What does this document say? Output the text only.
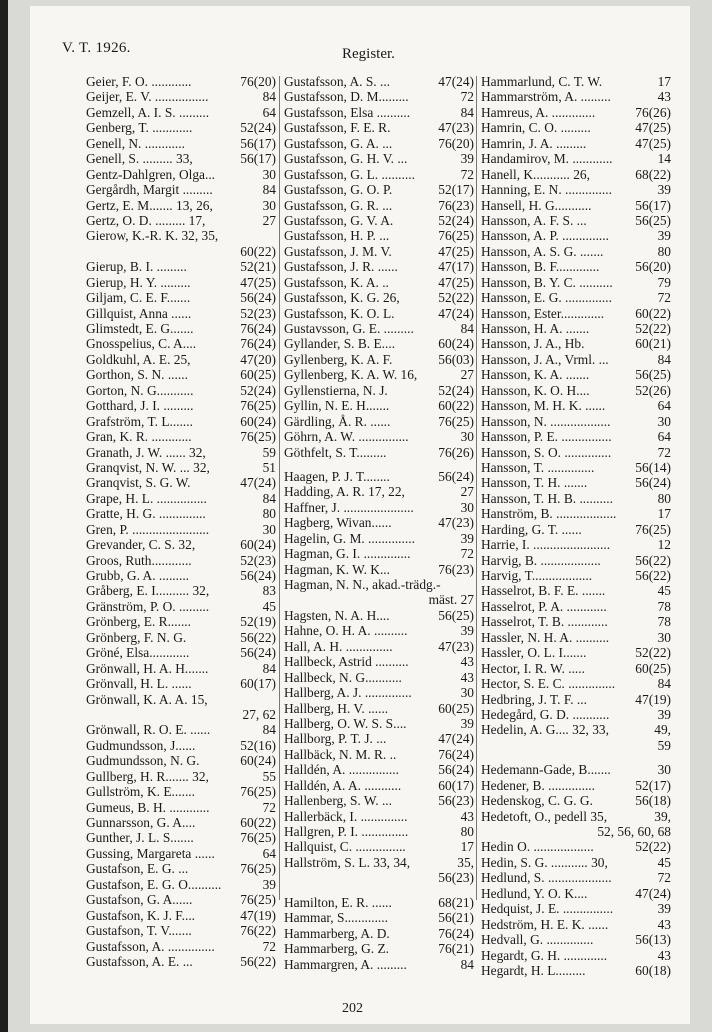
V. T. 1926.	Register.
Geier, F. O. ............	76(20)
Geijer, E. V. ................	84
Gemzell, A. I. S. .........	64
Genberg, T. ............	52(24)
Genell, N. ............	56(17)
Genell, S. ......... 33,	56(17)
Gentz-Dahlgren, Olga...	30
Gergårdh, Margit .........	84
Gertz, E. M....... 13, 26,	30
Gertz, O. D. ......... 17,	27
Gierow, K.-R. K. 32, 35,
60(22)
Gierup, B. I. .........	52(21)
Gierup, H. Y. .........	47(25)
Giljam, C. E. F.......	56(24)
Gillquist, Anna ......	52(23)
Glimstedt, E. G.......	76(24)
Gnosspelius, C. A....	76(24)
Goldkuhl, A. E. 25,	47(20)
Gorthon, S. N. ......	60(25)
Gorton, N. G...........	52(24)
Gotthard, J. I. .........	76(25)
Grafström, T. L.......	60(24)
Gran, K. R. ............	76(25)
Granath, J. W. ...... 32,	59
Granqvist, N. W. ... 32,	51
Granqvist, S. G. W.	47(24)
Grape, H. L. ...............	84
Gratte, H. G. ..............	80
Gren, P. .......................	30
Grevander, C. S. 32,	60(24)
Groos, Ruth............	52(23)
Grubb, G. A. .........	56(24)
Gråberg, E. I.......... 32,	83
Gränström, P. O. .........	45
Grönberg, E. R.......	52(19)
Grönberg, F. N. G.	56(22)
Gröné, Elsa............	56(24)
Grönwall, H. A. H.......	84
Grönvall, H. L. ......	60(17)
Grönwall, K. A. A. 15,
27, 62
Grönwall, R. O. E. ......	84
Gudmundsson, J......	52(16)
Gudmundsson, N. G.	60(24)
Gullberg, H. R....... 32,	55
Gullström, K. E.......	76(25)
Gumeus, B. H. ............	72
Gunnarsson, G. A....	60(22)
Gunther, J. L. S.......	76(25)
Gussing, Margareta ......	64
Gustafson, E. G. ...	76(25)
Gustafson, E. G. O..........	39
Gustafson, G. A......	76(25)
Gustafson, K. J. F....	47(19)
Gustafson, T. V.......	76(22)
Gustafsson, A. ..............	72
Gustafsson, A. E. ...	56(22)
Gustafsson, A. S. ...	47(24)
Gustafsson, D. M.........	72
Gustafsson, Elsa ..........	84
Gustafsson, F. E. R.	47(23)
Gustafsson, G. A. ...	76(20)
Gustafsson, G. H. V. ...	39
Gustafsson, G. L. ..........	72
Gustafsson, G. O. P.	52(17)
Gustafsson, G. R. ...	76(23)
Gustafsson, G. V. A.	52(24)
Gustafsson, H. P. ...	76(25)
Gustafsson, J. M. V.	47(25)
Gustafsson, J. R. ......	47(17)
Gustafsson, K. A. ..	47(25)
Gustafsson, K. G. 26,	52(22)
Gustafsson, K. O. L.	47(24)
Gustavsson, G. E. .........	84
Gyllander, S. B. E....	60(24)
Gyllenberg, K. A. F.	56(03)
Gyllenberg, K. A. W. 16,	27
Gyllenstierna, N. J.	52(24)
Gyllin, N. E. H.......	60(22)
Gärdling, Å. R. ......	76(25)
Göhrn, A. W. ...............	30
Göthfelt, S. T.........	76(26)
Haagen, P. J. T........	56(24)
Hadding, A. R. 17, 22,	27
Haffner, J. .....................	30
Hagberg, Wivan......	47(23)
Hagelin, G. M. ..............	39
Hagman, G. I. ..............	72
Hagman, K. W. K...	76(23)
Hagman, N. N., akad.-trädg.-
mäst. 27
Hagsten, N. A. H....	56(25)
Hahne, O. H. A. ..........	39
Hall, A. H. ..............	47(23)
Hallbeck, Astrid ..........	43
Hallbeck, N. G...........	43
Hallberg, A. J. ..............	30
Hallberg, H. V. ......	60(25)
Hallberg, O. W. S. S....	39
Hallborg, P. T. J. ...	47(24)
Hallbäck, N. M. R. ..	76(24)
Halldén, A. ...............	56(24)
Halldén, A. A. ...........	60(17)
Hallenberg, S. W. ...	56(23)
Hallerbäck, I. ..............	43
Hallgren, P. I. ..............	80
Hallquist, C. ...............	17
Hallström, S. L. 33, 34,	35,
56(23)
Hamilton, E. R. ......	68(21)
Hammar, S.............	56(21)
Hammarberg, A. D.	76(24)
Hammarberg, G. Z.	76(21)
Hammargren, A. .........	84
Hammarlund, C. T. W.	17
Hammarström, A. .........	43
Hamreus, A. .............	76(26)
Hamrin, C. O. .........	47(25)
Hamrin, J. A. .........	47(25)
Handamirov, M. ............	14
Hanell, K........... 26,	68(22)
Hanning, E. N. ..............	39
Hansell, H. G...........	56(17)
Hansson, A. F. S. ...	56(25)
Hansson, A. P. ..............	39
Hansson, A. S. G. .......	80
Hansson, B. F.............	56(20)
Hansson, B. Y. C. ..........	79
Hansson, E. G. ..............	72
Hansson, Ester............. 60(22)
Hansson, H. A. .......	52(22)
Hansson, J. A., Hb.	60(21)
Hansson, J. A., Vrml. ...	84
Hansson, K. A. .......	56(25)
Hansson, K. O. H....	52(26)
Hansson, M. H. K. ......	64
Hansson, N. ..................	30
Hansson, P. E. ...............	64
Hansson, S. O. ..............	72
Hansson, T. ..............	56(14)
Hansson, T. H. .......	56(24)
Hansson, T. H. B. ..........	80
Hanström, B. ..................	17
Harding, G. T. ......	76(25)
Harrie, I. .......................	12
Harvig, B. ..................	56(22)
Harvig, T..................	56(22)
Hasselrot, B. F. E. .......	45
Hasselrot, P. A. ............	78
Hasselrot, T. B. ............	78
Hassler, N. H. A. ..........	30
Hassler, O. L. I.......	52(22)
Hector, I. R. W. .....	60(25)
Hector, S. E. C. ..............	84
Hedbring, J. T. F. ...	47(19)
Hedegård, G. D. ...........	39
Hedelin, A. G.... 32, 33,	49,
59
Hedemann-Gade, B.......	30
Hedener, B. ..............	52(17)
Hedenskog, C. G. G.	56(18)
Hedetoft, O., pedell 35,	39,
52, 56, 60, 68
Hedin O. ..................	52(22)
Hedin, S. G. ........... 30,	45
Hedlund, S. ...................	72
Hedlund, Y. O. K....	47(24)
Hedquist, J. E. ...............	39
Hedström, H. E. K. ......	43
Hedvall, G. ..............	56(13)
Hegardt, G. H. .............	43
Hegardt, H. L.........	60(18)
202
